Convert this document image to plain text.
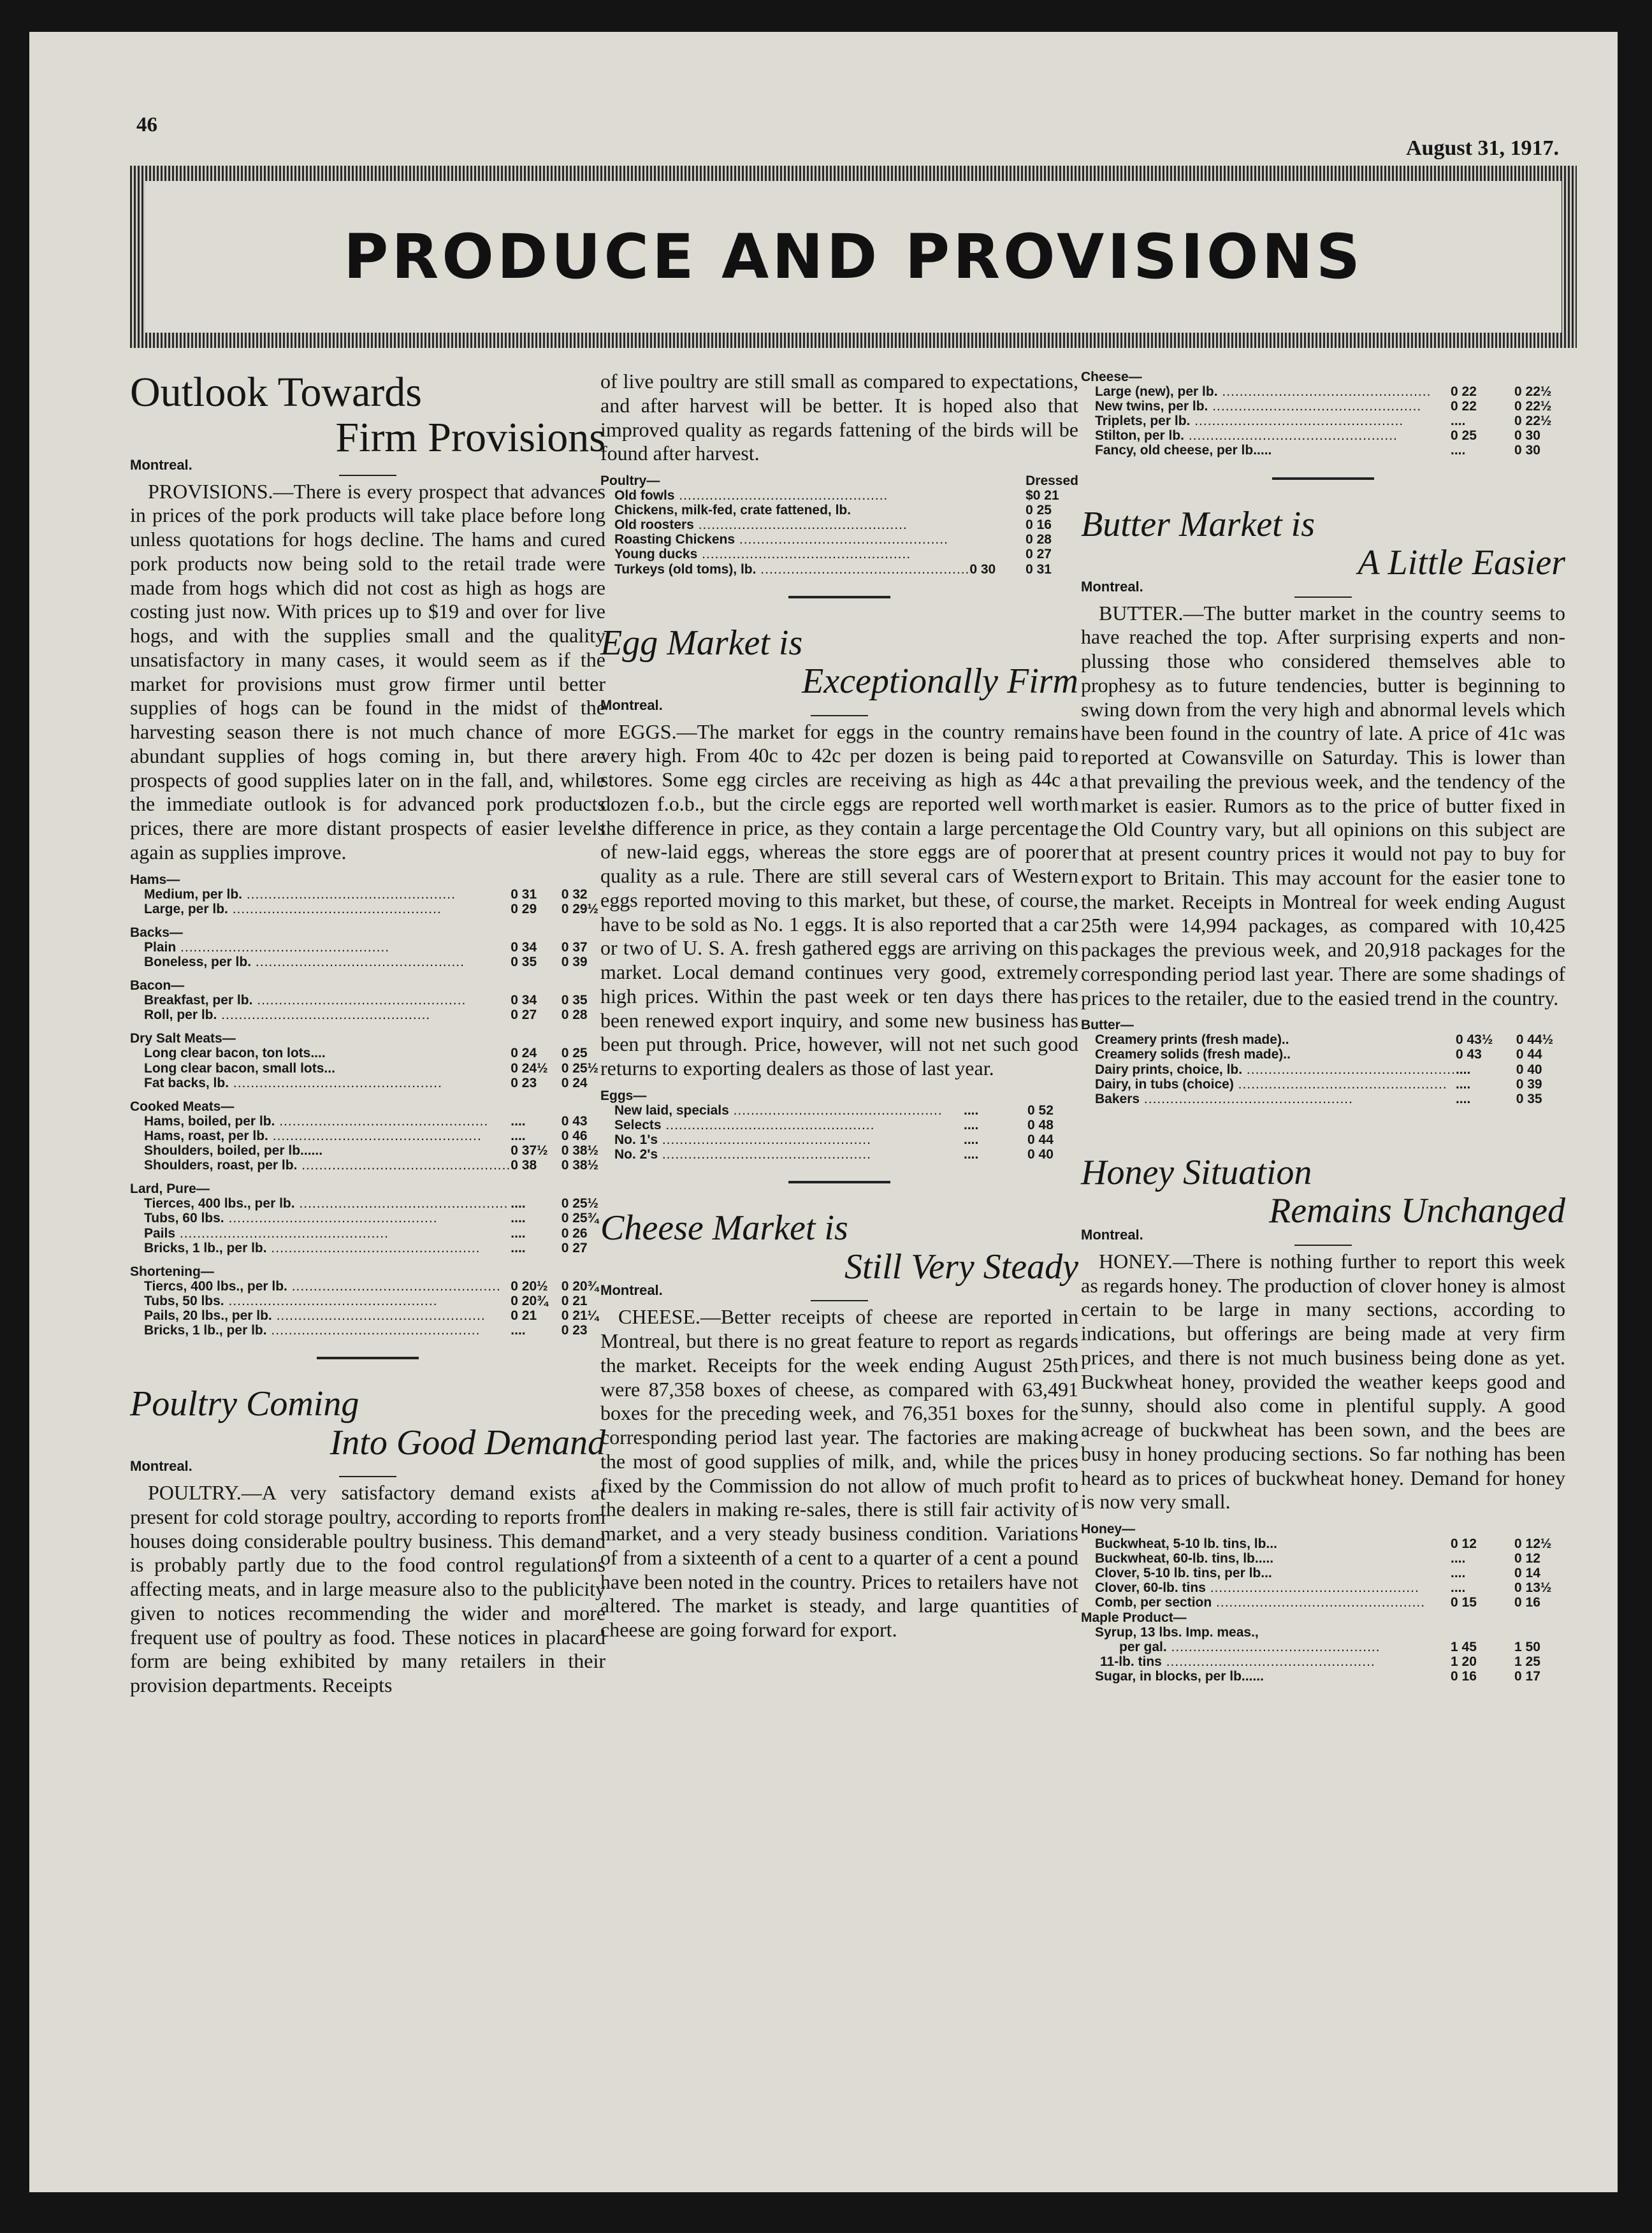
46
August 31, 1917.
PRODUCE AND PROVISIONS
Outlook Towards
Firm Provisions
Montreal.

PROVISIONS.—There is every prospect that advances in prices of the pork products will take place before long unless quotations for hogs decline. The hams and cured pork products now being sold to the retail trade were made from hogs which did not cost as high as hogs are costing just now. With prices up to $19 and over for live hogs, and with the supplies small and the quality unsatisfactory in many cases, it would seem as if the market for provisions must grow firmer until better supplies of hogs can be found in the midst of the harvesting season there is not much chance of more abundant supplies of hogs coming in, but there are prospects of good supplies later on in the fall, and, while the immediate outlook is for advanced pork products prices, there are more distant prospects of easier levels again as supplies improve.

Hams—		
Medium, per lb. .....	0 31	0 32
Large, per lb. .....	0 29	0 29½
Backs—		
Plain .....	0 34	0 37
Boneless, per lb. .....	0 35	0 39
Bacon—		
Breakfast, per lb. .....	0 34	0 35
Roll, per lb. .....	0 27	0 28
Dry Salt Meats—		
Long clear bacon, ton lots....	0 24	0 25
Long clear bacon, small lots...	0 24½	0 25½
Fat backs, lb. .....	0 23	0 24
Cooked Meats—		
Hams, boiled, per lb. .....	....	0 43
Hams, roast, per lb. .....	....	0 46
Shoulders, boiled, per lb......	0 37½	0 38½
Shoulders, roast, per lb. .....	0 38	0 38½
Lard, Pure—		
Tierces, 400 lbs., per lb. .....	....	0 25½
Tubs, 60 lbs. .....	....	0 25¾
Pails .....	....	0 26
Bricks, 1 lb., per lb. .....	....	0 27
Shortening—		
Tiercs, 400 lbs., per lb. .....	0 20½	0 20¾
Tubs, 50 lbs. .....	0 20¾	0 21
Pails, 20 lbs., per lb. .....	0 21	0 21¼
Bricks, 1 lb., per lb. .....	....	0 23
Poultry Coming
Into Good Demand
Montreal.

POULTRY.—A very satisfactory demand exists at present for cold storage poultry, according to reports from houses doing considerable poultry business. This demand is probably partly due to the food control regulations affecting meats, and in large measure also to the publicity given to notices recommending the wider and more frequent use of poultry as food. These notices in placard form are being exhibited by many retailers in their provision departments. Receipts

of live poultry are still small as compared to expectations, and after harvest will be better. It is hoped also that improved quality as regards fattening of the birds will be found after harvest.

Poultry—		Dressed
Old fowls .....		$0 21
Chickens, milk-fed, crate fattened, lb.		0 25
Old roosters .....		0 16
Roasting Chickens .....		0 28
Young ducks .....		0 27
Turkeys (old toms), lb. .....	0 30	0 31
Egg Market is
Exceptionally Firm
Montreal.

EGGS.—The market for eggs in the country remains very high. From 40c to 42c per dozen is being paid to stores. Some egg circles are receiving as high as 44c a dozen f.o.b., but the circle eggs are reported well worth the difference in price, as they contain a large percentage of new-laid eggs, whereas the store eggs are of poorer quality as a rule. There are still several cars of Western eggs reported moving to this market, but these, of course, have to be sold as No. 1 eggs. It is also reported that a car or two of U. S. A. fresh gathered eggs are arriving on this market. Local demand continues very good, extremely high prices. Within the past week or ten days there has been renewed export inquiry, and some new business has been put through. Price, however, will not net such good returns to exporting dealers as those of last year.

Eggs—		
New laid, specials .....	....	0 52
Selects .....	....	0 48
No. 1's .....	....	0 44
No. 2's .....	....	0 40
Cheese Market is
Still Very Steady
Montreal.

CHEESE.—Better receipts of cheese are reported in Montreal, but there is no great feature to report as regards the market. Receipts for the week ending August 25th were 87,358 boxes of cheese, as compared with 63,491 boxes for the preceding week, and 76,351 boxes for the corresponding period last year. The factories are making the most of good supplies of milk, and, while the prices fixed by the Commission do not allow of much profit to the dealers in making re-sales, there is still fair activity of market, and a very steady business condition. Variations of from a sixteenth of a cent to a quarter of a cent a pound have been noted in the country. Prices to retailers have not altered. The market is steady, and large quantities of cheese are going forward for export.

Cheese—		
Large (new), per lb. .....	0 22	0 22½
New twins, per lb. .....	0 22	0 22½
Triplets, per lb. .....	....	0 22½
Stilton, per lb. .....	0 25	0 30
Fancy, old cheese, per lb.....	....	0 30
Butter Market is
A Little Easier
Montreal.

BUTTER.—The butter market in the country seems to have reached the top. After surprising experts and non-plussing those who considered themselves able to prophesy as to future tendencies, butter is beginning to swing down from the very high and abnormal levels which have been found in the country of late. A price of 41c was reported at Cowansville on Saturday. This is lower than that prevailing the previous week, and the tendency of the market is easier. Rumors as to the price of butter fixed in the Old Country vary, but all opinions on this subject are that at present country prices it would not pay to buy for export to Britain. This may account for the easier tone to the market. Receipts in Montreal for week ending August 25th were 14,994 packages, as compared with 10,425 packages the previous week, and 20,918 packages for the corresponding period last year. There are some shadings of prices to the retailer, due to the easied trend in the country.

Butter—		
Creamery prints (fresh made)..	0 43½	0 44½
Creamery solids (fresh made)..	0 43	0 44
Dairy prints, choice, lb. .....	....	0 40
Dairy, in tubs (choice) .....	....	0 39
Bakers .....	....	0 35
Honey Situation
Remains Unchanged
Montreal.

HONEY.—There is nothing further to report this week as regards honey. The production of clover honey is almost certain to be large in many sections, according to indications, but offerings are being made at very firm prices, and there is not much business being done as yet. Buckwheat honey, provided the weather keeps good and sunny, should also come in plentiful supply. A good acreage of buckwheat has been sown, and the bees are busy in honey producing sections. So far nothing has been heard as to prices of buckwheat honey. Demand for honey is now very small.

Honey—		
Buckwheat, 5-10 lb. tins, lb...	0 12	0 12½
Buckwheat, 60-lb. tins, lb.....	....	0 12
Clover, 5-10 lb. tins, per lb...	....	0 14
Clover, 60-lb. tins .....	....	0 13½
Comb, per section .....	0 15	0 16
Maple Product—		
Syrup, 13 lbs. Imp. meas.,		
per gal. .....	1 45	1 50
11-lb. tins .....	1 20	1 25
Sugar, in blocks, per lb......	0 16	0 17
